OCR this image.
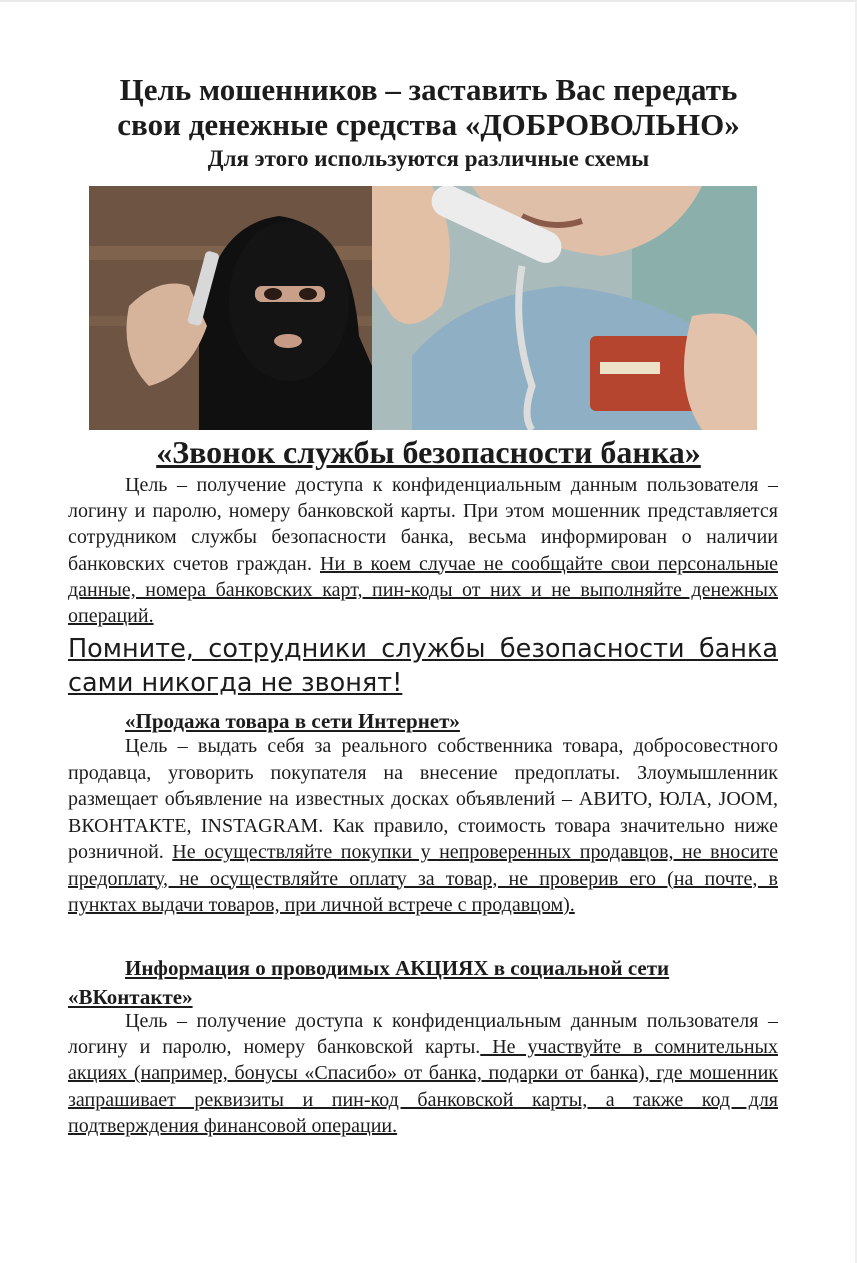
Цель мошенников – заставить Вас передать
свои денежные средства «ДОБРОВОЛЬНО»
Для этого используются различные схемы
«Звонок службы безопасности банка»

Цель – получение доступа к конфиденциальным данным пользователя – логину и паролю, номеру банковской карты. При этом мошенник представляется сотрудником службы безопасности банка, весьма информирован о наличии банковских счетов граждан. Ни в коем случае не сообщайте свои персональные данные, номера банковских карт, пин-коды от них и не выполняйте денежных операций.

Помните, сотрудники службы безопасности банка сами никогда не звонят!

«Продажа товара в сети Интернет»

Цель – выдать себя за реального собственника товара, добросовестного продавца, уговорить покупателя на внесение предоплаты. Злоумышленник размещает объявление на известных досках объявлений – АВИТО, ЮЛА, JOOM, ВКОНТАКТЕ, INSTAGRAM. Как правило, стоимость товара значительно ниже розничной. Не осуществляйте покупки у непроверенных продавцов, не вносите предоплату, не осуществляйте оплату за товар, не проверив его (на почте, в пунктах выдачи товаров, при личной встрече с продавцом).

Информация о проводимых АКЦИЯХ в социальной сети «ВКонтакте»

Цель – получение доступа к конфиденциальным данным пользователя – логину и паролю, номеру банковской карты. Не участвуйте в сомнительных акциях (например, бонусы «Спасибо» от банка, подарки от банка), где мошенник запрашивает реквизиты и пин-код банковской карты, а также код для подтверждения финансовой операции.
